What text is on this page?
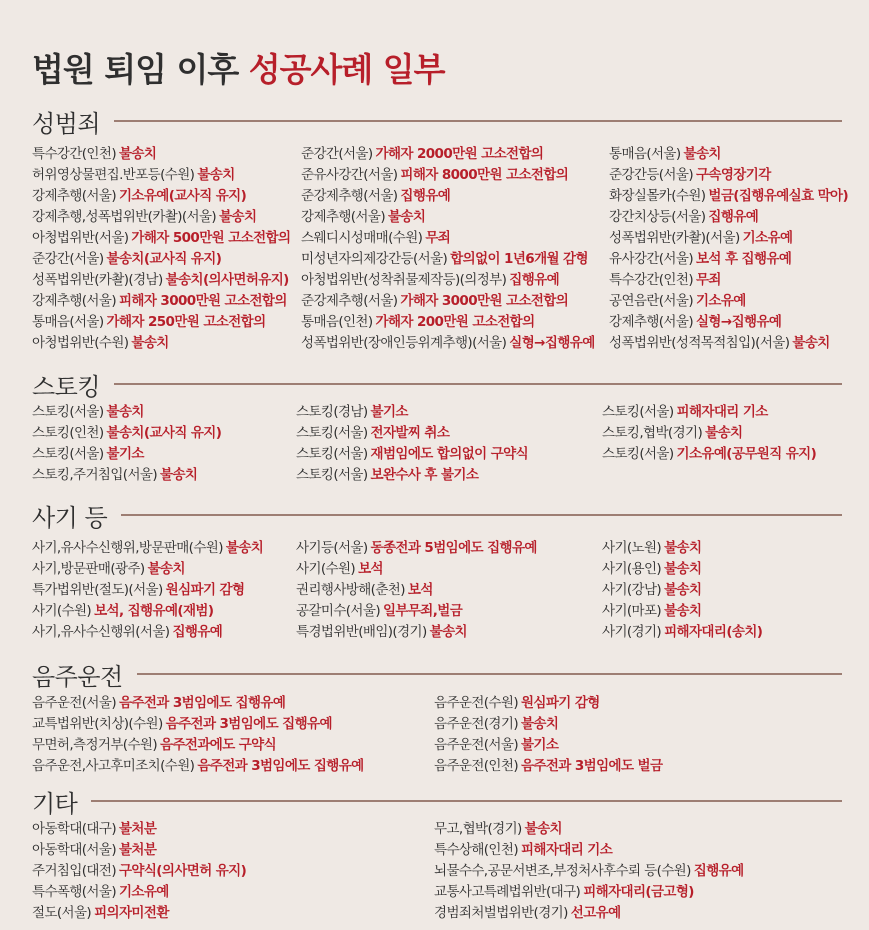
법원 퇴임 이후 성공사례 일부
성범죄
특수강간(인천) 불송치
허위영상물편집.반포등(수원) 불송치
강제추행(서울) 기소유예(교사직 유지)
강제추행,성폭법위반(카촬)(서울) 불송치
아청법위반(서울) 가해자 500만원 고소전합의
준강간(서울) 불송치(교사직 유지)
성폭법위반(카촬)(경남) 불송치(의사면허유지)
강제추행(서울) 피해자 3000만원 고소전합의
통매음(서울) 가해자 250만원 고소전합의
아청법위반(수원) 불송치
준강간(서울) 가해자 2000만원 고소전합의
준유사강간(서울) 피해자 8000만원 고소전합의
준강제추행(서울) 집행유예
강제추행(서울) 불송치
스웨디시성매매(수원) 무죄
미성년자의제강간등(서울) 합의없이 1년6개월 감형
아청법위반(성착취물제작등)(의정부) 집행유예
준강제추행(서울) 가해자 3000만원 고소전합의
통매음(인천) 가해자 200만원 고소전합의
성폭법위반(장애인등위계추행)(서울) 실형→집행유예
통매음(서울) 불송치
준강간등(서울) 구속영장기각
화장실몰카(수원) 벌금(집행유예실효 막아)
강간치상등(서울) 집행유예
성폭법위반(카촬)(서울) 기소유예
유사강간(서울) 보석 후 집행유예
특수강간(인천) 무죄
공연음란(서울) 기소유예
강제추행(서울) 실형→집행유예
성폭법위반(성적목적침입)(서울) 불송치
스토킹
스토킹(서울) 불송치
스토킹(인천) 불송치(교사직 유지)
스토킹(서울) 불기소
스토킹,주거침입(서울) 불송치
스토킹(경남) 불기소
스토킹(서울) 전자발찌 취소
스토킹(서울) 재범임에도 합의없이 구약식
스토킹(서울) 보완수사 후 불기소
스토킹(서울) 피해자대리 기소
스토킹,협박(경기) 불송치
스토킹(서울) 기소유예(공무원직 유지)
사기 등
사기,유사수신행위,방문판매(수원) 불송치
사기,방문판매(광주) 불송치
특가법위반(절도)(서울) 원심파기 감형
사기(수원) 보석, 집행유예(재범)
사기,유사수신행위(서울) 집행유예
사기등(서울) 동종전과 5범임에도 집행유예
사기(수원) 보석
권리행사방해(춘천) 보석
공갈미수(서울) 일부무죄,벌금
특경법위반(배임)(경기) 불송치
사기(노원) 불송치
사기(용인) 불송치
사기(강남) 불송치
사기(마포) 불송치
사기(경기) 피해자대리(송치)
음주운전
음주운전(서울) 음주전과 3범임에도 집행유예
교특법위반(치상)(수원) 음주전과 3범임에도 집행유예
무면허,측정거부(수원) 음주전과에도 구약식
음주운전,사고후미조치(수원) 음주전과 3범임에도 집행유예
음주운전(수원) 원심파기 감형
음주운전(경기) 불송치
음주운전(서울) 불기소
음주운전(인천) 음주전과 3범임에도 벌금
기타
아동학대(대구) 불처분
아동학대(서울) 불처분
주거침입(대전) 구약식(의사면허 유지)
특수폭행(서울) 기소유예
절도(서울) 피의자미전환
무고,협박(경기) 불송치
특수상해(인천) 피해자대리 기소
뇌물수수,공문서변조,부정처사후수뢰 등(수원) 집행유예
교통사고특례법위반(대구) 피해자대리(금고형)
경범죄처벌법위반(경기) 선고유예
